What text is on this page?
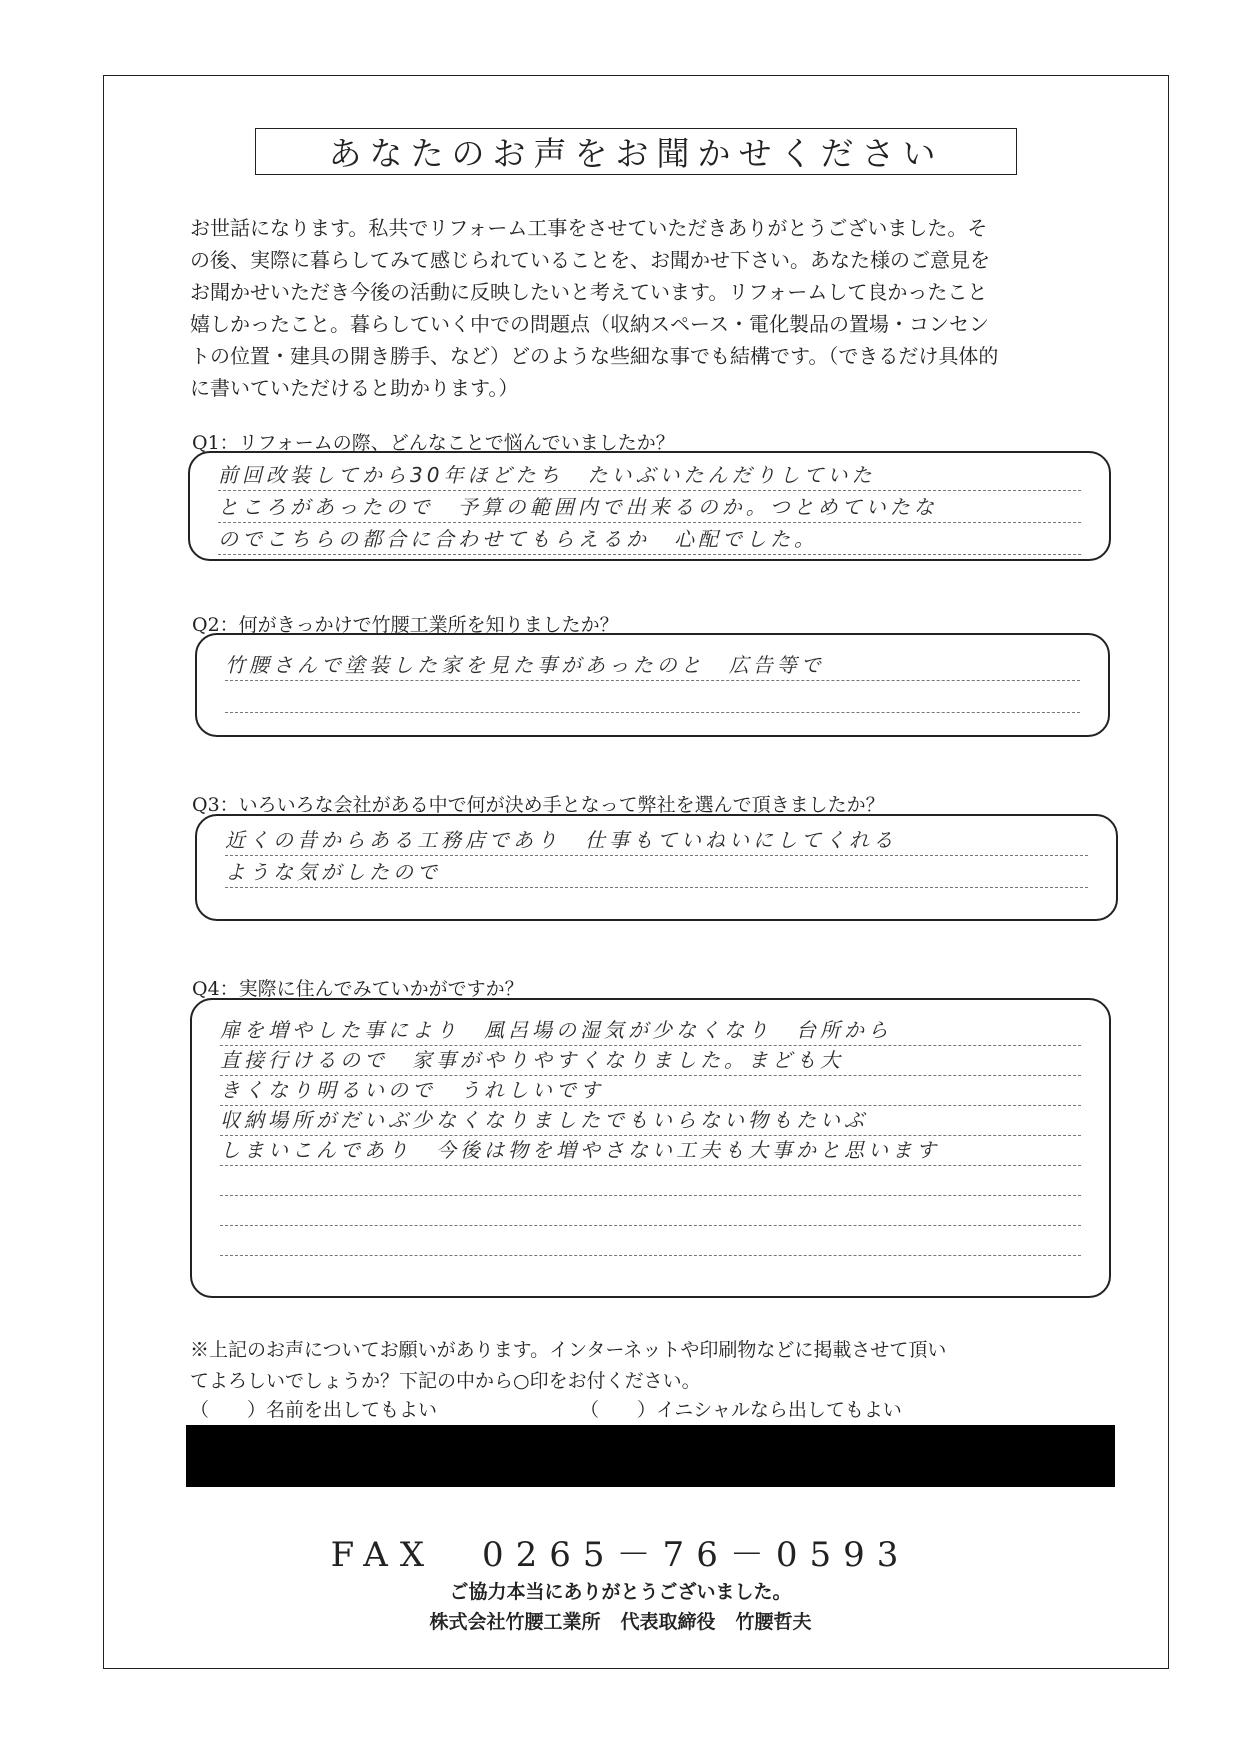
あなたのお声をお聞かせください

お世話になります。私共でリフォーム工事をさせていただきありがとうございました。そ

の後、実際に暮らしてみて感じられていることを、お聞かせ下さい。あなた様のご意見を

お聞かせいただき今後の活動に反映したいと考えています。リフォームして良かったこと

嬉しかったこと。暮らしていく中での問題点（収納スペース・電化製品の置場・コンセン

トの位置・建具の開き勝手、など）どのような些細な事でも結構です。（できるだけ具体的

に書いていただけると助かります。）

Q1：リフォームの際、どんなことで悩んでいましたか？
前回改装してから30年ほどたち　たいぶいたんだりしていた
ところがあったので　予算の範囲内で出来るのか。つとめていたな
のでこちらの都合に合わせてもらえるか　心配でした。
Q2：何がきっかけで竹腰工業所を知りましたか？
竹腰さんで塗装した家を見た事があったのと　広告等で
Q3：いろいろな会社がある中で何が決め手となって弊社を選んで頂きましたか？
近くの昔からある工務店であり　仕事もていねいにしてくれる
ような気がしたので
Q4：実際に住んでみていかがですか？
扉を増やした事により　風呂場の湿気が少なくなり　台所から
直接行けるので　家事がやりやすくなりました。まども大
きくなり明るいので　うれしいです
収納場所がだいぶ少なくなりましたでもいらない物もたいぶ
しまいこんであり　今後は物を増やさない工夫も大事かと思います

※上記のお声についてお願いがあります。インターネットや印刷物などに掲載させて頂い

てよろしいでしょうか？下記の中から○印をお付ください。

（　　）名前を出してもよい	（　　）イニシャルなら出してもよい
FAX　0265－76－0593
ご協力本当にありがとうございました。
株式会社竹腰工業所 代表取締役 竹腰哲夫
